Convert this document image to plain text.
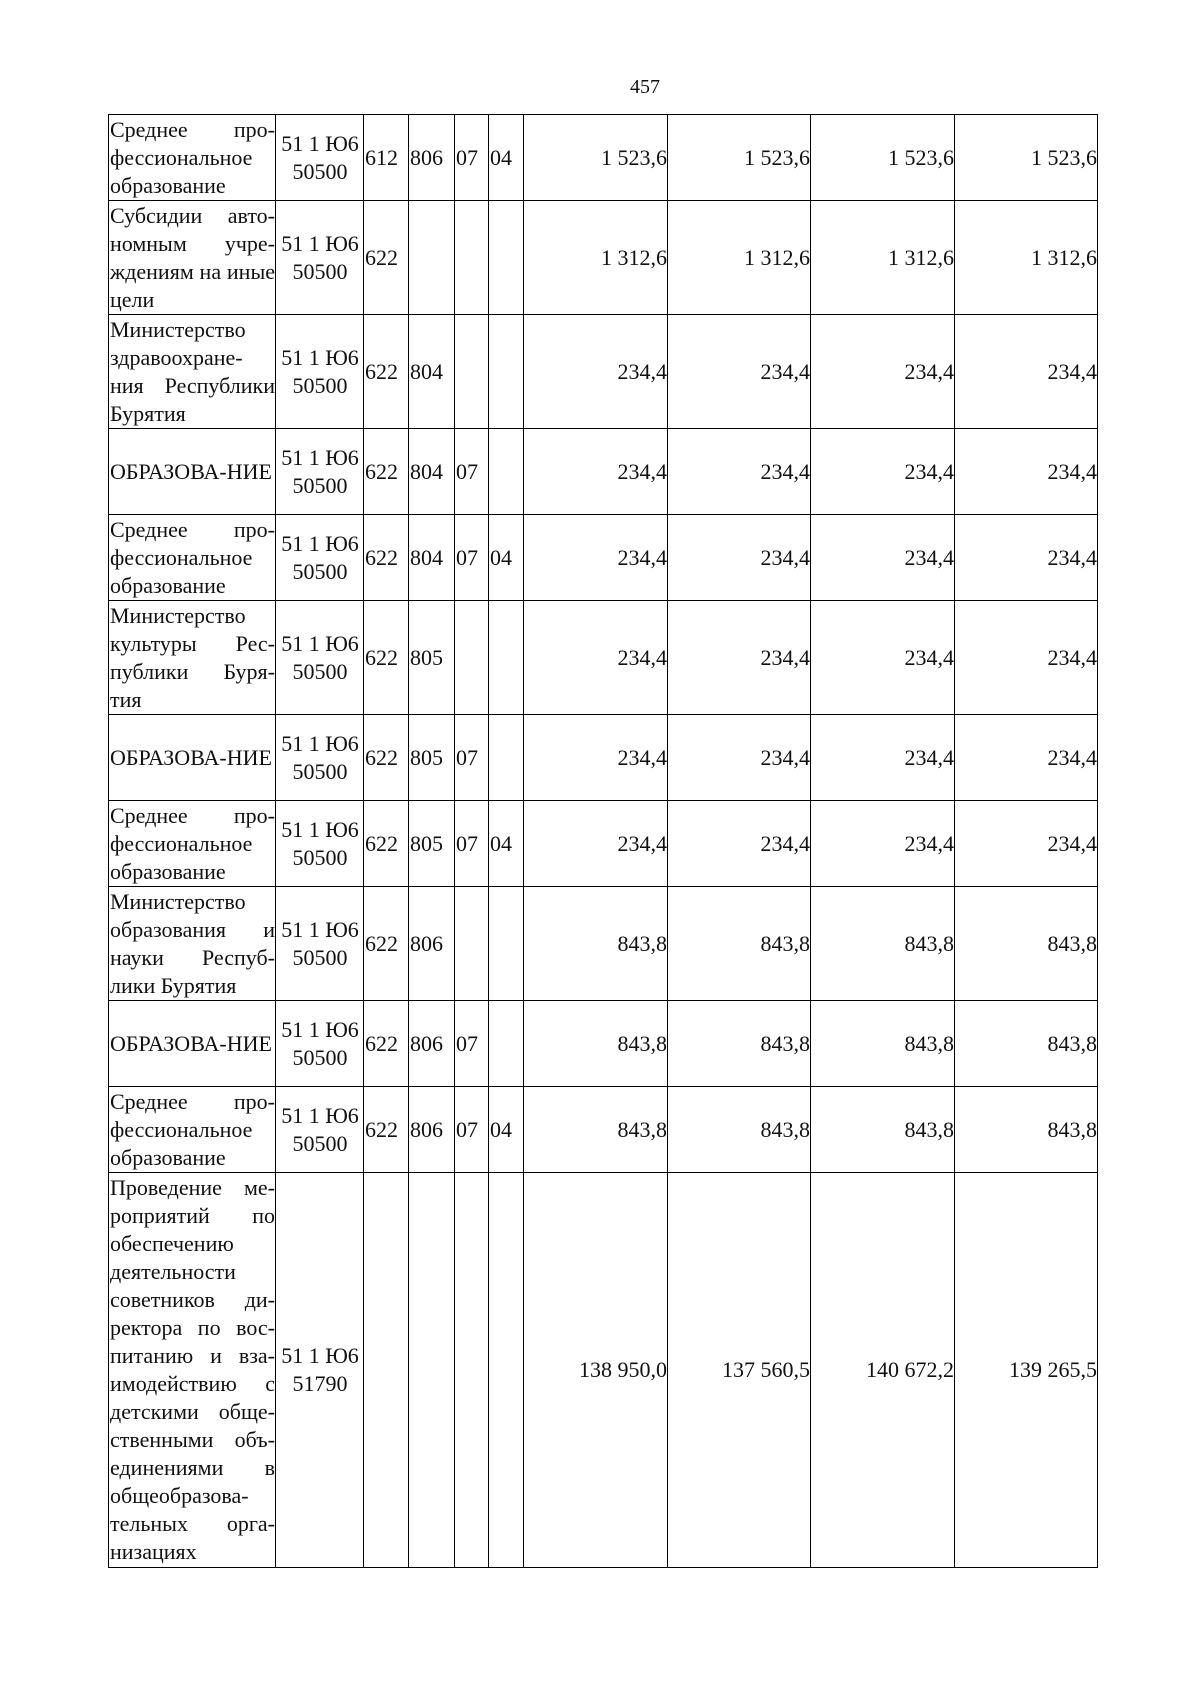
457
Среднее про-фессиональное образование	51 1 Ю6 50500	612	806	07	04	1 523,6	1 523,6	1 523,6	1 523,6
Субсидии авто-номным учре-ждениям на иные цели	51 1 Ю6 50500	622				1 312,6	1 312,6	1 312,6	1 312,6
Министерство здравоохране-ния Республики Бурятия	51 1 Ю6 50500	622	804			234,4	234,4	234,4	234,4
ОБРАЗОВА-НИЕ	51 1 Ю6 50500	622	804	07		234,4	234,4	234,4	234,4
Среднее про-фессиональное образование	51 1 Ю6 50500	622	804	07	04	234,4	234,4	234,4	234,4
Министерство культуры Рес-публики Буря-тия	51 1 Ю6 50500	622	805			234,4	234,4	234,4	234,4
ОБРАЗОВА-НИЕ	51 1 Ю6 50500	622	805	07		234,4	234,4	234,4	234,4
Среднее про-фессиональное образование	51 1 Ю6 50500	622	805	07	04	234,4	234,4	234,4	234,4
Министерство образования и науки Респуб-лики Бурятия	51 1 Ю6 50500	622	806			843,8	843,8	843,8	843,8
ОБРАЗОВА-НИЕ	51 1 Ю6 50500	622	806	07		843,8	843,8	843,8	843,8
Среднее про-фессиональное образование	51 1 Ю6 50500	622	806	07	04	843,8	843,8	843,8	843,8
Проведение ме-роприятий по обеспечению деятельности советников ди-ректора по вос-питанию и вза-имодействию с детскими обще-ственными объ-единениями в общеобразова-тельных орга-низациях	51 1 Ю6 51790					138 950,0	137 560,5	140 672,2	139 265,5
